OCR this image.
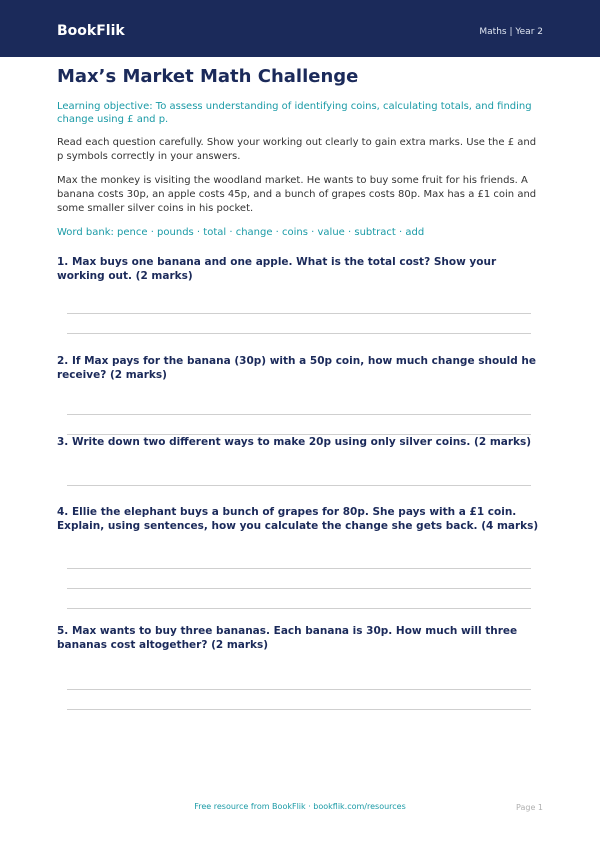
BookFlik	Maths | Year 2
Max’s Market Math Challenge

Learning objective: To assess understanding of identifying coins, calculating totals, and finding change using £ and p.

Read each question carefully. Show your working out clearly to gain extra marks. Use the £ and p symbols correctly in your answers.

Max the monkey is visiting the woodland market. He wants to buy some fruit for his friends. A banana costs 30p, an apple costs 45p, and a bunch of grapes costs 80p. Max has a £1 coin and some smaller silver coins in his pocket.

Word bank: pence · pounds · total · change · coins · value · subtract · add

1. Max buys one banana and one apple. What is the total cost? Show your working out. (2 marks)

2. If Max pays for the banana (30p) with a 50p coin, how much change should he receive? (2 marks)

3. Write down two different ways to make 20p using only silver coins. (2 marks)

4. Ellie the elephant buys a bunch of grapes for 80p. She pays with a £1 coin. Explain, using sentences, how you calculate the change she gets back. (4 marks)

5. Max wants to buy three bananas. Each banana is 30p. How much will three bananas cost altogether? (2 marks)

Free resource from BookFlik · bookflik.com/resources	Page 1
